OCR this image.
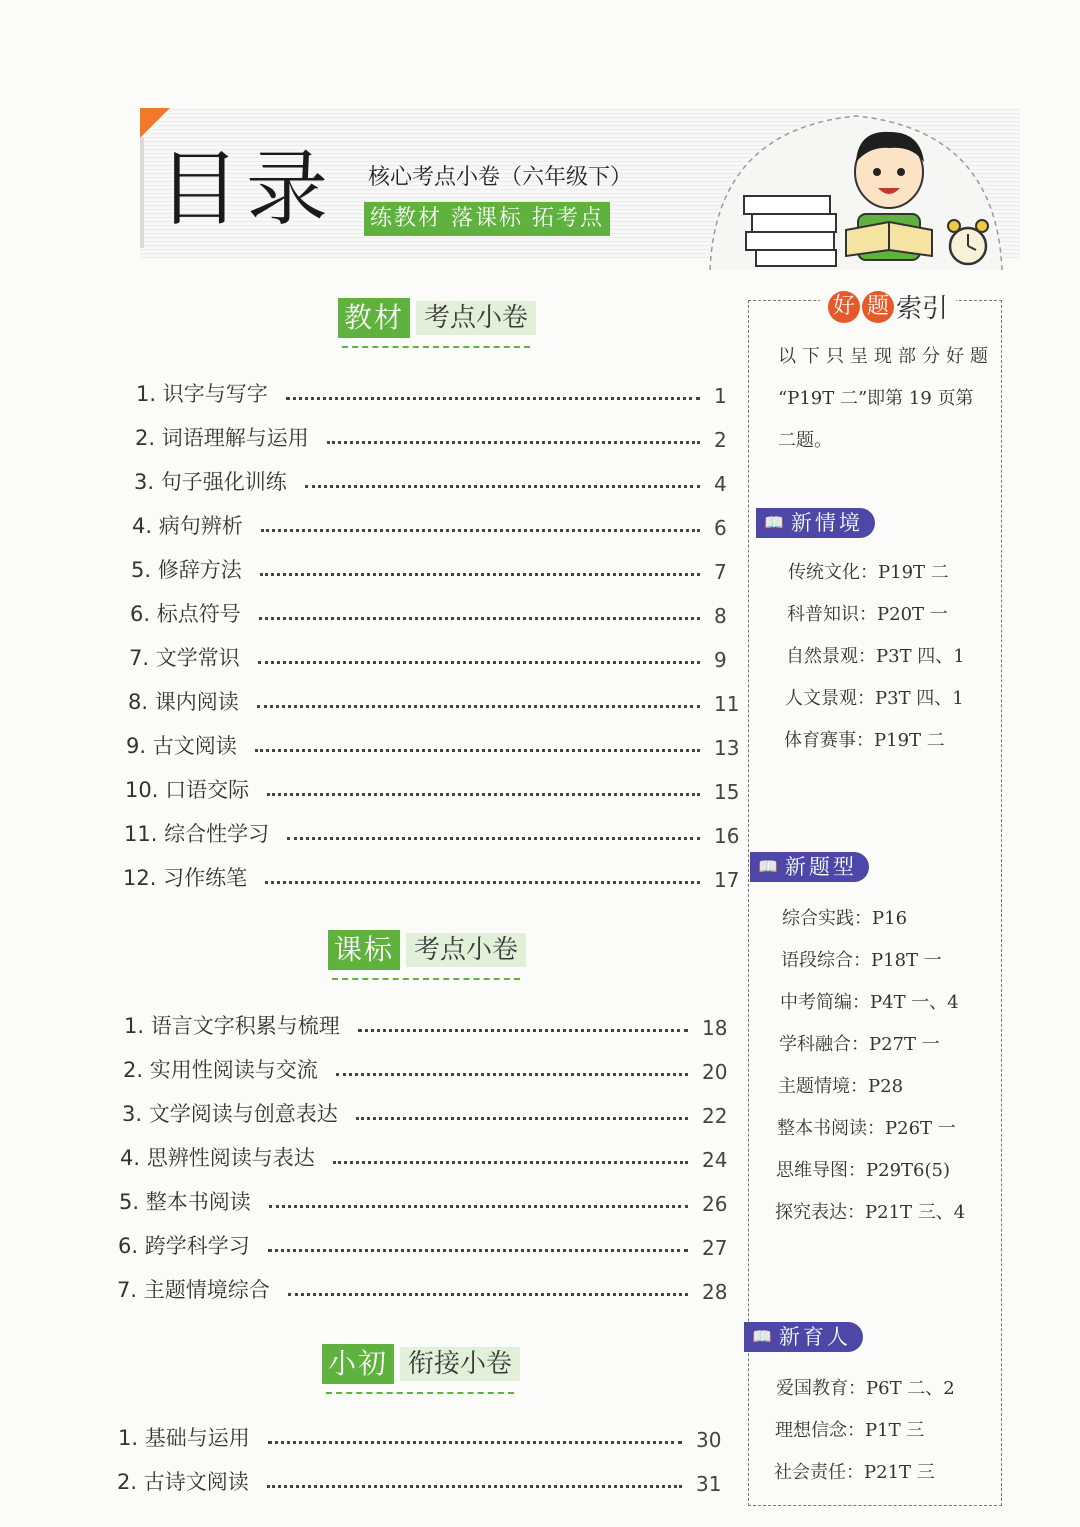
目录 核心考点小卷（六年级下）
练教材 落课标 拓考点
教材 考点小卷
1. 识字与写字	1
2. 词语理解与运用	2
3. 句子强化训练	4
4. 病句辨析	6
5. 修辞方法	7
6. 标点符号	8
7. 文学常识	9
8. 课内阅读	11
9. 古文阅读	13
10. 口语交际	15
11. 综合性学习	16
12. 习作练笔	17
课标 考点小卷
1. 语言文字积累与梳理	18
2. 实用性阅读与交流	20
3. 文学阅读与创意表达	22
4. 思辨性阅读与表达	24
5. 整本书阅读	26
6. 跨学科学习	27
7. 主题情境综合	28
小初 衔接小卷
1. 基础与运用	30
2. 古诗文阅读	31
好 题 索引
以下只呈现部分好题
“P19T 二”即第 19 页第
二题。
📖 新情境
📖 新题型
📖 新育人
传统文化：P19T 二
科普知识：P20T 一
自然景观：P3T 四、1
人文景观：P3T 四、1
体育赛事：P19T 二
综合实践：P16
语段综合：P18T 一
中考简编：P4T 一、4
学科融合：P27T 一
主题情境：P28
整本书阅读：P26T 一
思维导图：P29T6(5)
探究表达：P21T 三、4
爱国教育：P6T 二、2
理想信念：P1T 三
社会责任：P21T 三
